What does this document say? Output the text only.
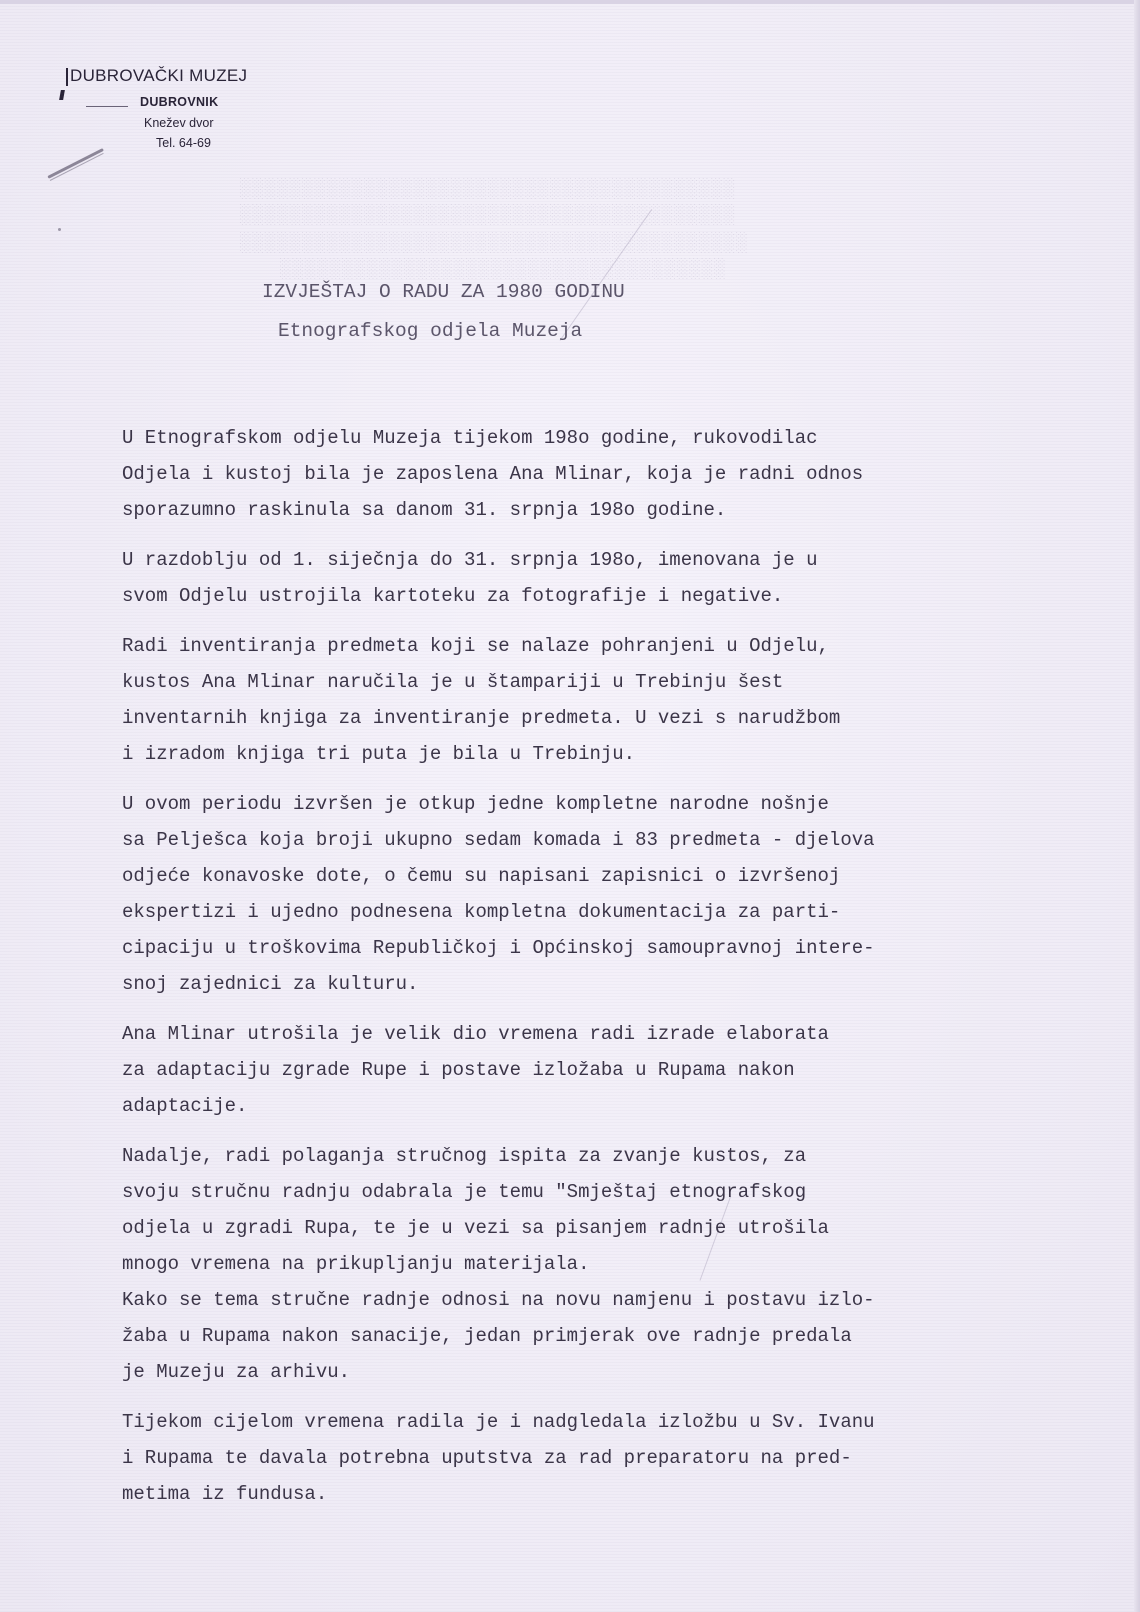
DUBROVAČKI MUZEJ
DUBROVNIK
Knežev dvor
Tel. 64-69
░░░░░░░░░░░░░░░░░░░░░░░░░░░░░░░░░░░░░░░░
░░░░░░░░░░░░░░░░░░░░░░░░░░░░░░░░░░░░░░░░
░░░░░░░░░░░░░░░░░░░░░░░░░░░░░░░░░░░░░░░░░
░░░░░░░░░░░░░░░░░░░░░░░░░░░░░░░░░░░░
IZVJEŠTAJ O RADU ZA 1980 GODINU
Etnografskog odjela Muzeja

U Etnografskom odjelu Muzeja tijekom 198o godine, rukovodilac
Odjela i kustoj bila je zaposlena Ana Mlinar, koja je radni odnos
sporazumno raskinula sa danom 31. srpnja 198o godine.

U razdoblju od 1. siječnja do 31. srpnja 198o, imenovana je u
svom Odjelu ustrojila kartoteku za fotografije i negative.

Radi inventiranja predmeta koji se nalaze pohranjeni u Odjelu,
kustos Ana Mlinar naručila je u štampariji u Trebinju šest
inventarnih knjiga za inventiranje predmeta. U vezi s narudžbom
i izradom knjiga tri puta je bila u Trebinju.

U ovom periodu izvršen je otkup jedne kompletne narodne nošnje
sa Pelješca koja broji ukupno sedam komada i 83 predmeta - djelova
odjeće konavoske dote, o čemu su napisani zapisnici o izvršenoj
ekspertizi i ujedno podnesena kompletna dokumentacija za parti-
cipaciju u troškovima Republičkoj i Općinskoj samoupravnoj intere-
snoj zajednici za kulturu.

Ana Mlinar utrošila je velik dio vremena radi izrade elaborata
za adaptaciju zgrade Rupe i postave izložaba u Rupama nakon
adaptacije.

Nadalje, radi polaganja stručnog ispita za zvanje kustos, za
svoju stručnu radnju odabrala je temu "Smještaj etnografskog
odjela u zgradi Rupa, te je u vezi sa pisanjem radnje utrošila
mnogo vremena na prikupljanju materijala.

Kako se tema stručne radnje odnosi na novu namjenu i postavu izlo-
žaba u Rupama nakon sanacije, jedan primjerak ove radnje predala
je Muzeju za arhivu.

Tijekom cijelom vremena radila je i nadgledala izložbu u Sv. Ivanu
i Rupama te davala potrebna uputstva za rad preparatoru na pred-
metima iz fundusa.
